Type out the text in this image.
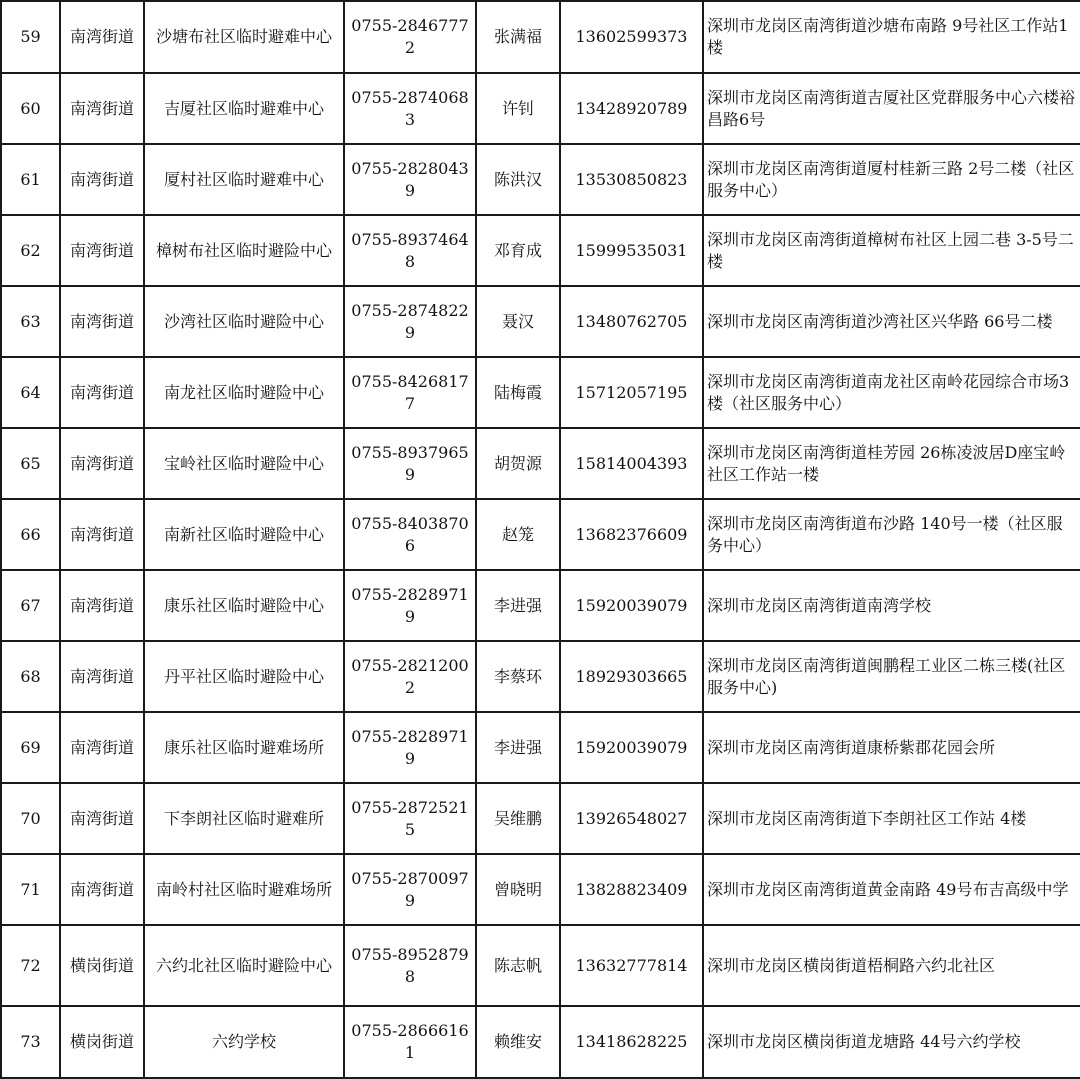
59	南湾街道	沙塘布社区临时避难中心	0755-28467772	张满福	13602599373	深圳市龙岗区南湾街道沙塘布南路 9号社区工作站1楼
60	南湾街道	吉厦社区临时避难中心	0755-28740683	许钊	13428920789	深圳市龙岗区南湾街道吉厦社区党群服务中心六楼裕昌路6号
61	南湾街道	厦村社区临时避难中心	0755-28280439	陈洪汉	13530850823	深圳市龙岗区南湾街道厦村桂新三路 2号二楼（社区服务中心）
62	南湾街道	樟树布社区临时避险中心	0755-89374648	邓育成	15999535031	深圳市龙岗区南湾街道樟树布社区上园二巷 3-5号二楼
63	南湾街道	沙湾社区临时避险中心	0755-28748229	聂汉	13480762705	深圳市龙岗区南湾街道沙湾社区兴华路 66号二楼
64	南湾街道	南龙社区临时避险中心	0755-84268177	陆梅霞	15712057195	深圳市龙岗区南湾街道南龙社区南岭花园综合市场3楼（社区服务中心）
65	南湾街道	宝岭社区临时避险中心	0755-89379659	胡贺源	15814004393	深圳市龙岗区南湾街道桂芳园 26栋凌波居D座宝岭社区工作站一楼
66	南湾街道	南新社区临时避险中心	0755-84038706	赵笼	13682376609	深圳市龙岗区南湾街道布沙路 140号一楼（社区服务中心）
67	南湾街道	康乐社区临时避险中心	0755-28289719	李进强	15920039079	深圳市龙岗区南湾街道南湾学校
68	南湾街道	丹平社区临时避险中心	0755-28212002	李蔡环	18929303665	深圳市龙岗区南湾街道闽鹏程工业区二栋三楼(社区服务中心)
69	南湾街道	康乐社区临时避难场所	0755-28289719	李进强	15920039079	深圳市龙岗区南湾街道康桥紫郡花园会所
70	南湾街道	下李朗社区临时避难所	0755-28725215	吴维鹏	13926548027	深圳市龙岗区南湾街道下李朗社区工作站 4楼
71	南湾街道	南岭村社区临时避难场所	0755-28700979	曾晓明	13828823409	深圳市龙岗区南湾街道黄金南路 49号布吉高级中学
72	横岗街道	六约北社区临时避险中心	0755-89528798	陈志帆	13632777814	深圳市龙岗区横岗街道梧桐路六约北社区
73	横岗街道	六约学校	0755-28666161	赖维安	13418628225	深圳市龙岗区横岗街道龙塘路 44号六约学校
